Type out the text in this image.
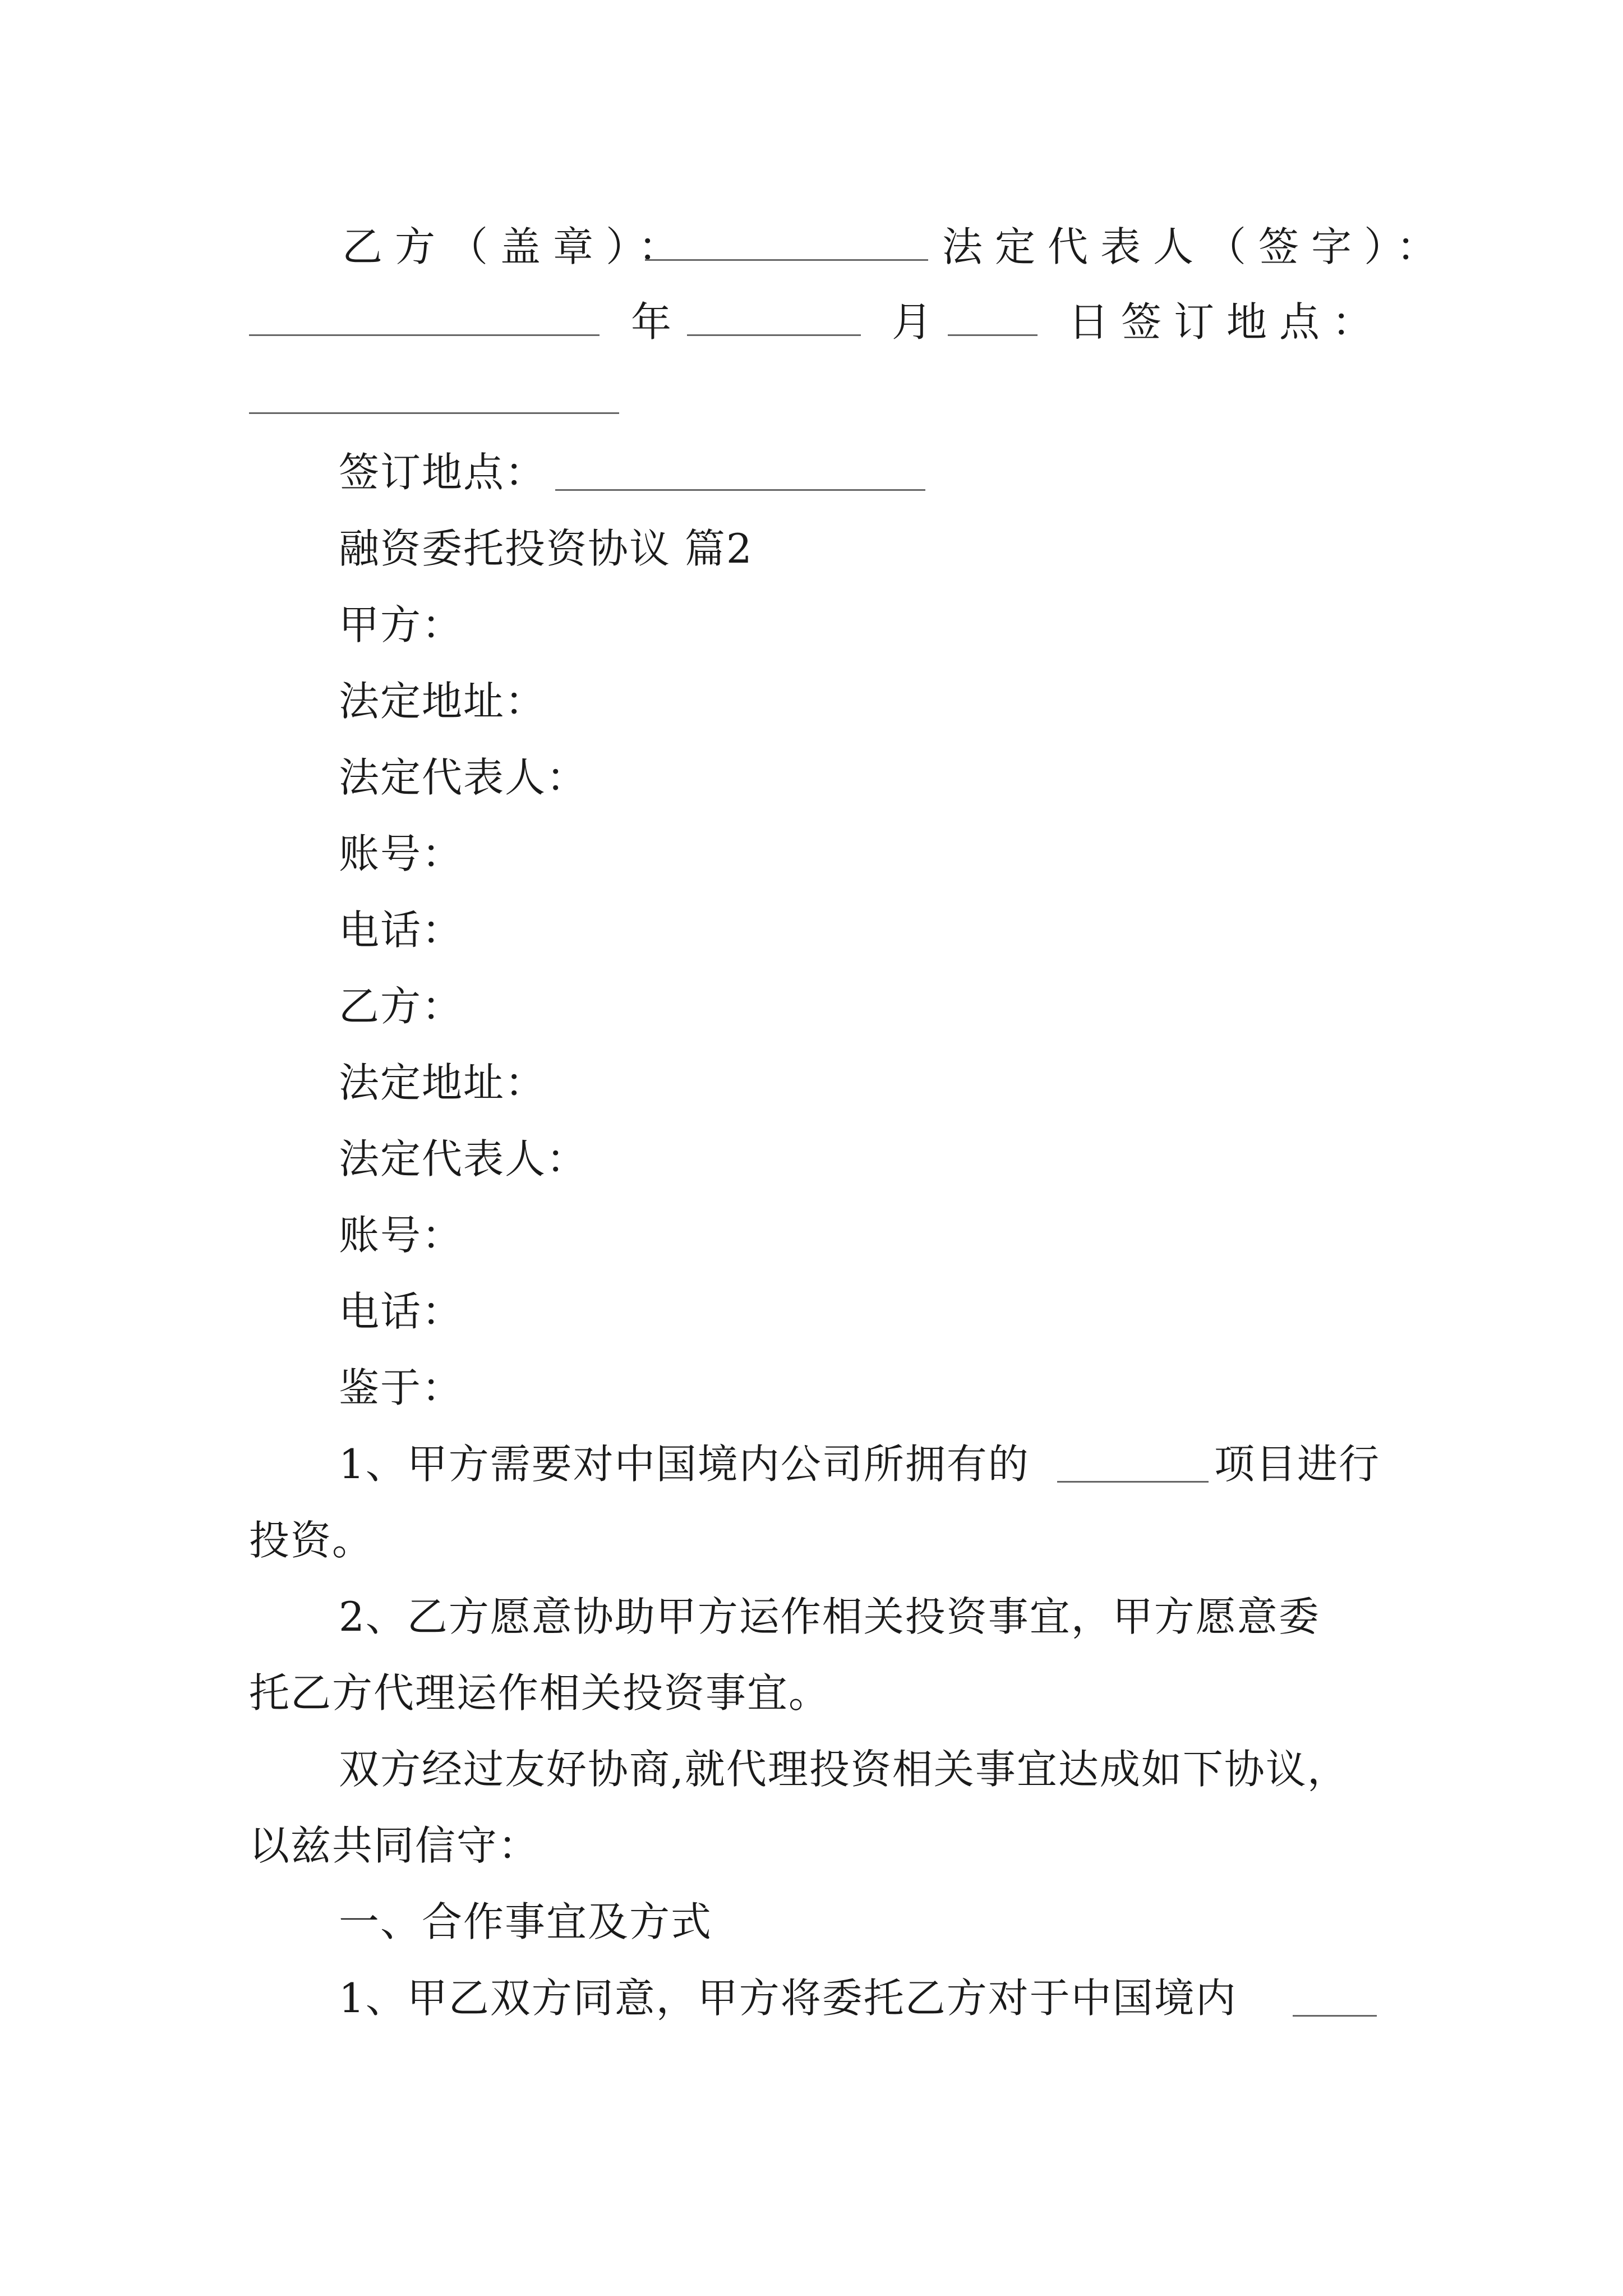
乙方（盖章）：	法定代表人（签字）：
年	月	日签订地点：
签订地点：
融资委托投资协议 篇2
甲方：
法定地址：
法定代表人：
账号：
电话：
乙方：
法定地址：
法定代表人：
账号：
电话：
鉴于：
1、甲方需要对中国境内公司所拥有的	项目进行
投资。
2、乙方愿意协助甲方运作相关投资事宜，甲方愿意委
托乙方代理运作相关投资事宜。
双方经过友好协商,就代理投资相关事宜达成如下协议，
以兹共同信守：
一、合作事宜及方式
1、甲乙双方同意，甲方将委托乙方对于中国境内
